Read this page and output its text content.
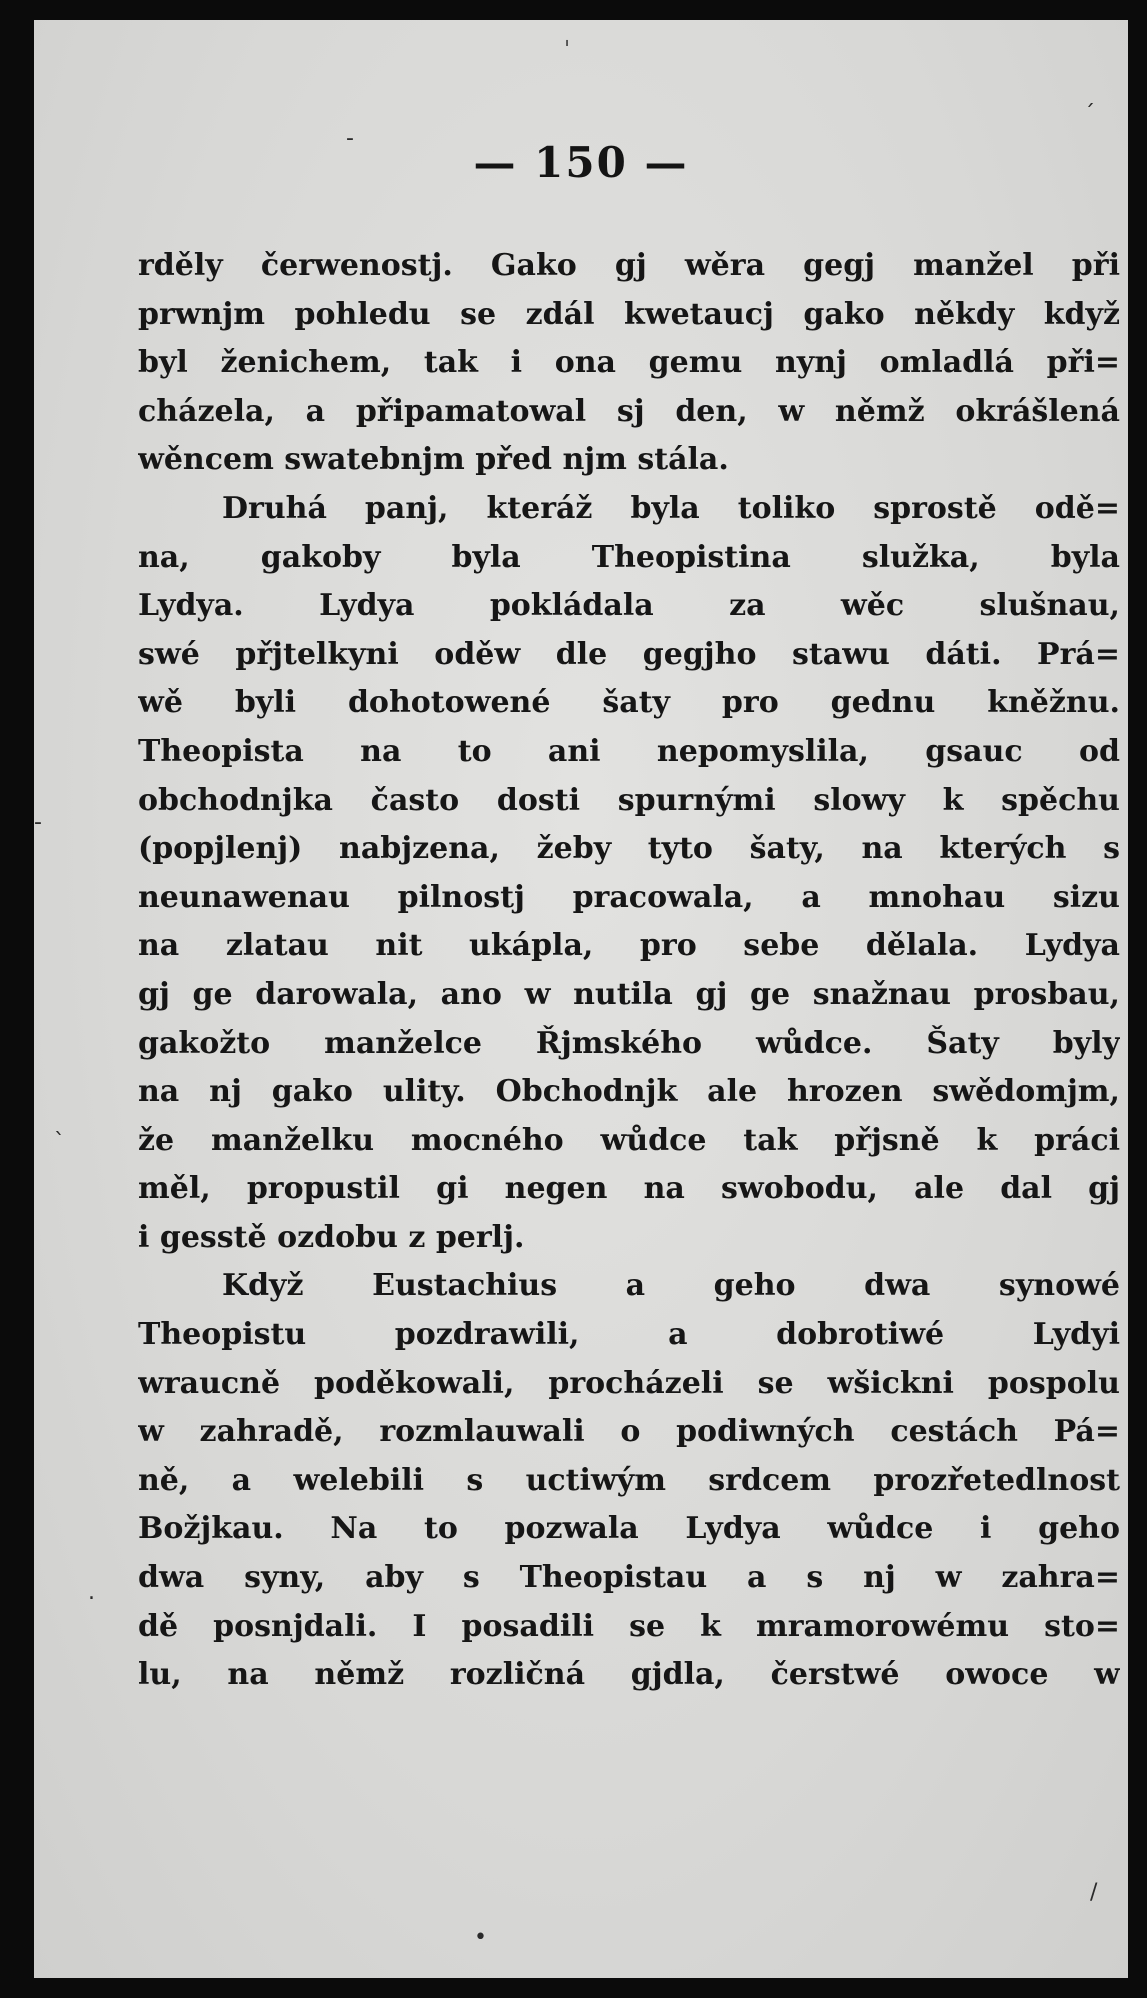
— 150 —
ˈ
-
´
-
ˋ
.
/
•
rděly čerwenostj. Gako gj wěra gegj manžel při
prwnjm pohledu se zdál kwetaucj gako někdy když
byl ženichem, tak i ona gemu nynj omladlá při=
cházela, a připamatowal sj den, w němž okrášlená
wěncem swatebnjm před njm stála.
Druhá panj, kteráž byla toliko sprostě odě=
na, gakoby byla Theopistina služka, byla
Lydya. Lydya pokládala za wěc slušnau,
swé přjtelkyni oděw dle gegjho stawu dáti. Prá=
wě byli dohotowené šaty pro gednu kněžnu.
Theopista na to ani nepomyslila, gsauc od
obchodnjka často dosti spurnými slowy k spěchu
(popjlenj) nabjzena, žeby tyto šaty, na kterých s
neunawenau pilnostj pracowala, a mnohau sizu
na zlatau nit ukápla, pro sebe dělala. Lydya
gj ge darowala, ano w nutila gj ge snažnau prosbau,
gakožto manželce Řjmského wůdce. Šaty byly
na nj gako ulity. Obchodnjk ale hrozen swědomjm,
že manželku mocného wůdce tak přjsně k práci
měl, propustil gi negen na swobodu, ale dal gj
i gesstě ozdobu z perlj.
Když Eustachius a geho dwa synowé
Theopistu pozdrawili, a dobrotiwé Lydyi
wraucně poděkowali, procházeli se wšickni pospolu
w zahradě, rozmlauwali o podiwných cestách Pá=
ně, a welebili s uctiwým srdcem prozřetedlnost
Božjkau. Na to pozwala Lydya wůdce i geho
dwa syny, aby s Theopistau a s nj w zahra=
dě posnjdali. I posadili se k mramorowému sto=
lu, na němž rozličná gjdla, čerstwé owoce w
